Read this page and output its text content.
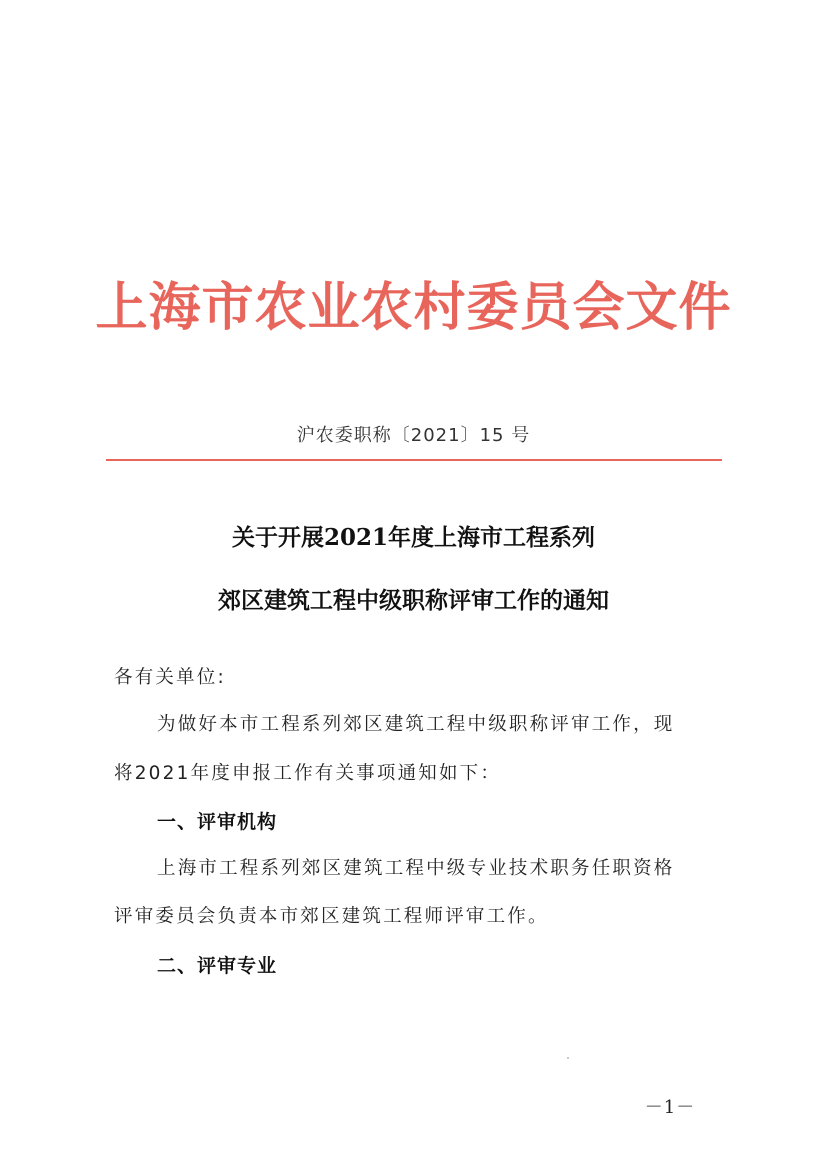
上海市农业农村委员会文件
沪农委职称〔2021〕15 号
关于开展2021年度上海市工程系列
郊区建筑工程中级职称评审工作的通知
各有关单位:
为做好本市工程系列郊区建筑工程中级职称评审工作，现
将2021年度申报工作有关事项通知如下：
一、评审机构
上海市工程系列郊区建筑工程中级专业技术职务任职资格
评审委员会负责本市郊区建筑工程师评审工作。
二、评审专业
－1－
